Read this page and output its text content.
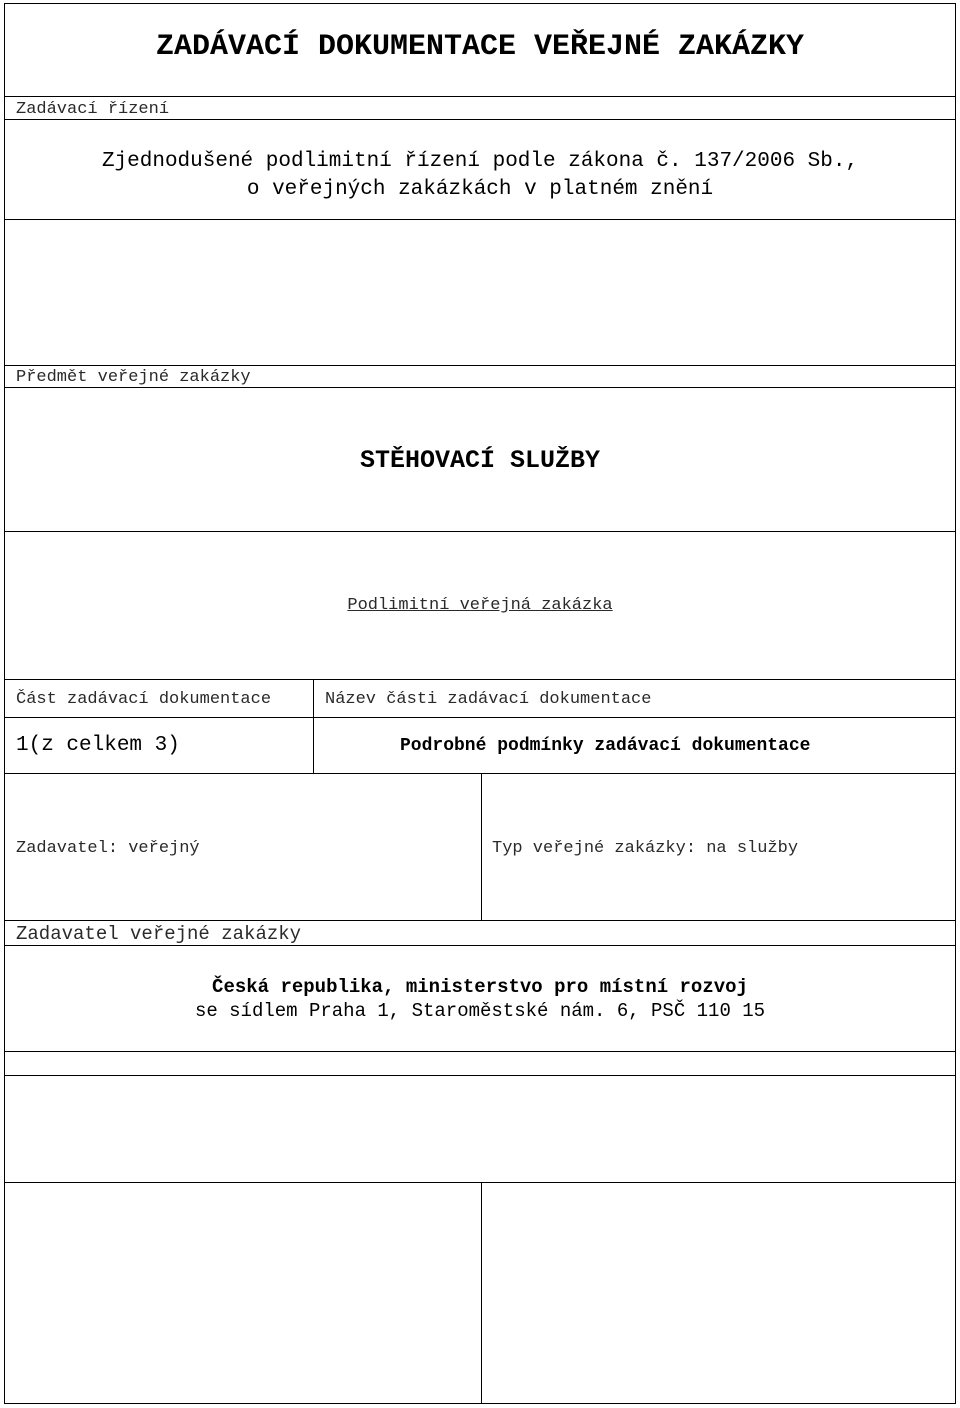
ZADÁVACÍ DOKUMENTACE VEŘEJNÉ ZAKÁZKY
Zadávací řízení
Zjednodušené podlimitní řízení podle zákona č. 137/2006 Sb.,
o veřejných zakázkách v platném znění
Předmět veřejné zakázky
STĚHOVACÍ SLUŽBY
Podlimitní veřejná zakázka
Část zadávací dokumentace	Název části zadávací dokumentace
1(z celkem 3)	Podrobné podmínky zadávací dokumentace
Zadavatel: veřejný	Typ veřejné zakázky: na služby
Zadavatel veřejné zakázky
Česká republika, ministerstvo pro místní rozvoj
se sídlem Praha 1, Staroměstské nám. 6, PSČ 110 15
